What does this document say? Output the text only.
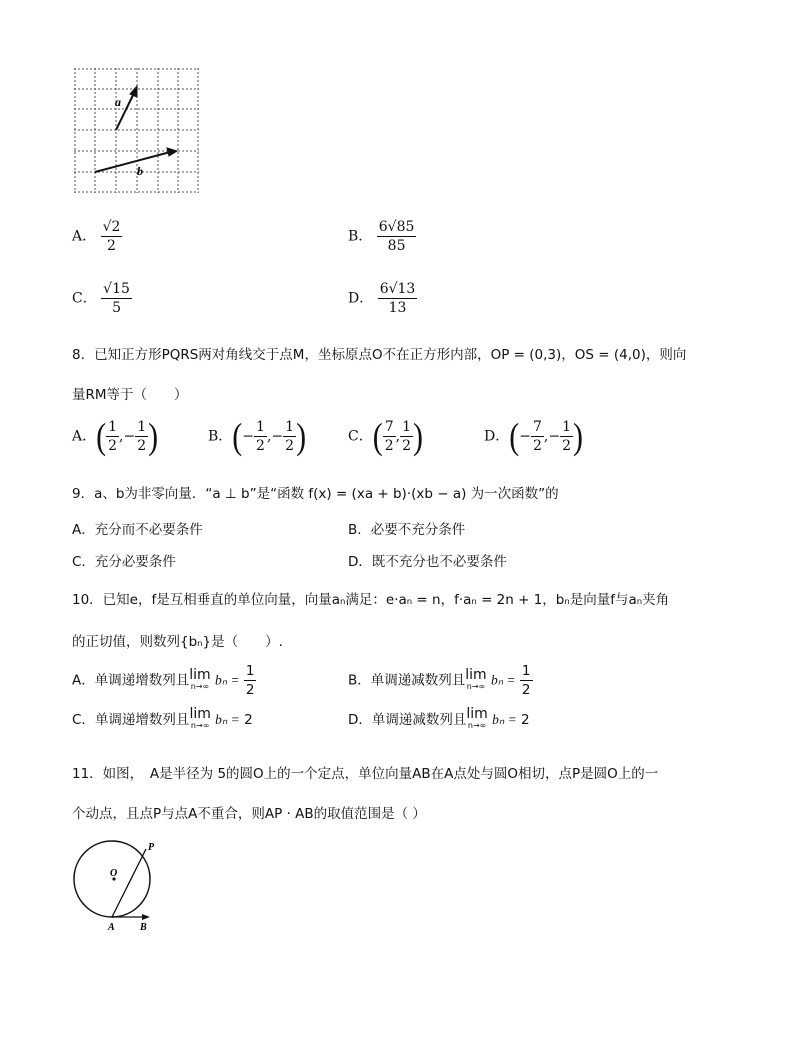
a
b
A． $\frac{√2}{2}$	B． $\frac{6√85}{85}$
C． $\frac{√15}{5}$	D． $\frac{6√13}{13}$
8．已知正方形PQRS两对角线交于点M，坐标原点O不在正方形内部，OP = (0,3)，OS = (4,0)，则向
量RM等于（　　）
A．( $\frac{1}{2}$ ,− $\frac{1}{2}$ )	B．(− $\frac{1}{2}$ ,− $\frac{1}{2}$ )	C．( $\frac{7}{2}$ , $\frac{1}{2}$ )	D．(− $\frac{7}{2}$ ,− $\frac{1}{2}$ )
9．a、b为非零向量．“a ⊥ b”是“函数 f(x) = (xa + b)·(xb − a) 为一次函数”的
A．充分而不必要条件	B．必要不充分条件
C．充分必要条件	D．既不充分也不必要条件
10．已知e，f是互相垂直的单位向量，向量aₙ满足：e·aₙ = n，f·aₙ = 2n + 1，bₙ是向量f与aₙ夹角
的正切值，则数列{bₙ}是（　　）.
A．单调递增数列且 lim
n→∞ $b_n = \frac{1}{2}$	B．单调递减数列且 lim
n→∞ $b_n = \frac{1}{2}$
C．单调递增数列且 lim
n→∞ bₙ = 2	D．单调递减数列且 lim
n→∞ bₙ = 2
11．如图，　A是半径为 5的圆O上的一个定点，单位向量AB在A点处与圆O相切，点P是圆O上的一
个动点，且点P与点A不重合，则AP · AB的取值范围是（ ）
O
P
A	B
